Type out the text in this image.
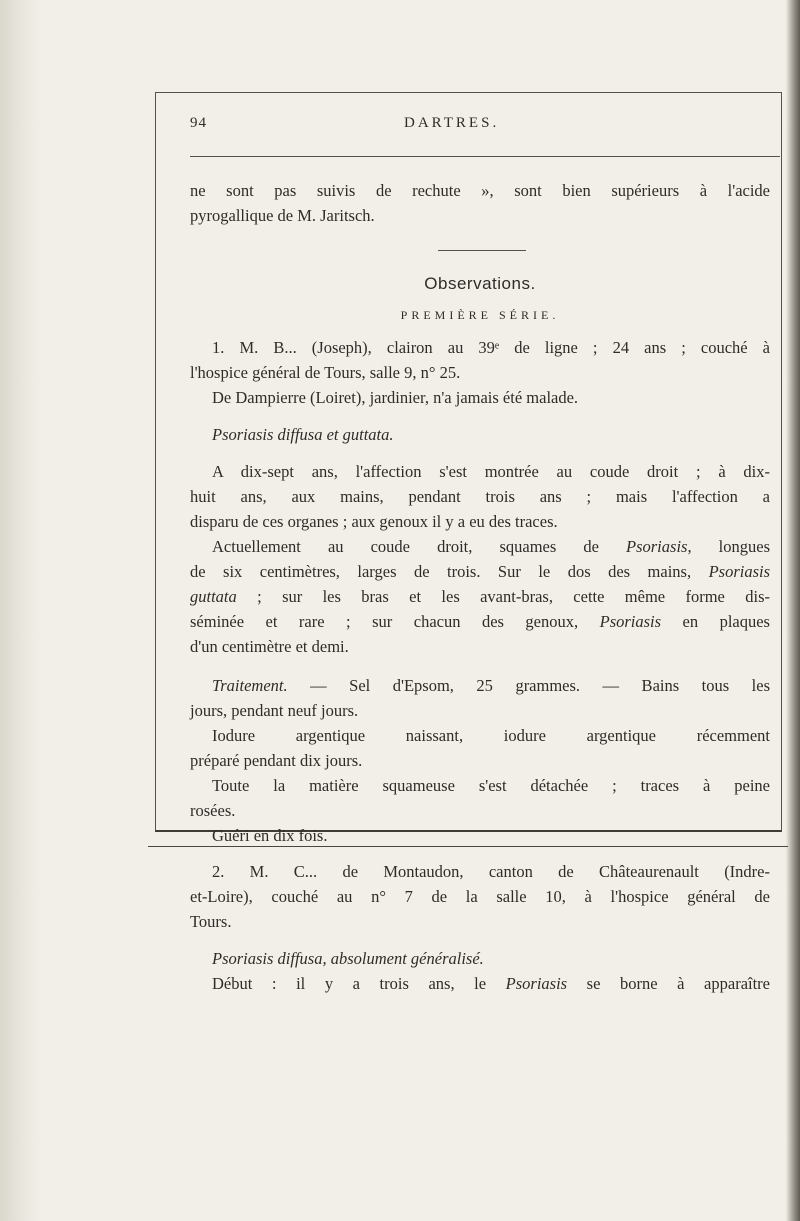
94	DARTRES.
ne sont pas suivis de rechute », sont bien supérieurs à l'acide
pyrogallique de M. Jaritsch.
Observations.
PREMIÈRE SÉRIE.
1. M. B... (Joseph), clairon au 39ᵉ de ligne ; 24 ans ; couché à
l'hospice général de Tours, salle 9, n° 25.
De Dampierre (Loiret), jardinier, n'a jamais été malade.
Psoriasis diffusa et guttata.
A dix-sept ans, l'affection s'est montrée au coude droit ; à dix-
huit ans, aux mains, pendant trois ans ; mais l'affection a
disparu de ces organes ; aux genoux il y a eu des traces.
Actuellement au coude droit, squames de Psoriasis, longues
de six centimètres, larges de trois. Sur le dos des mains, Psoriasis
guttata ; sur les bras et les avant-bras, cette même forme dis-
séminée et rare ; sur chacun des genoux, Psoriasis en plaques
d'un centimètre et demi.
Traitement. — Sel d'Epsom, 25 grammes. — Bains tous les
jours, pendant neuf jours.
Iodure argentique naissant, iodure argentique récemment
préparé pendant dix jours.
Toute la matière squameuse s'est détachée ; traces à peine
rosées.
Guéri en dix fois.
2. M. C... de Montaudon, canton de Châteaurenault (Indre-
et-Loire), couché au n° 7 de la salle 10, à l'hospice général de
Tours.
Psoriasis diffusa, absolument généralisé.
Début : il y a trois ans, le Psoriasis se borne à apparaître
